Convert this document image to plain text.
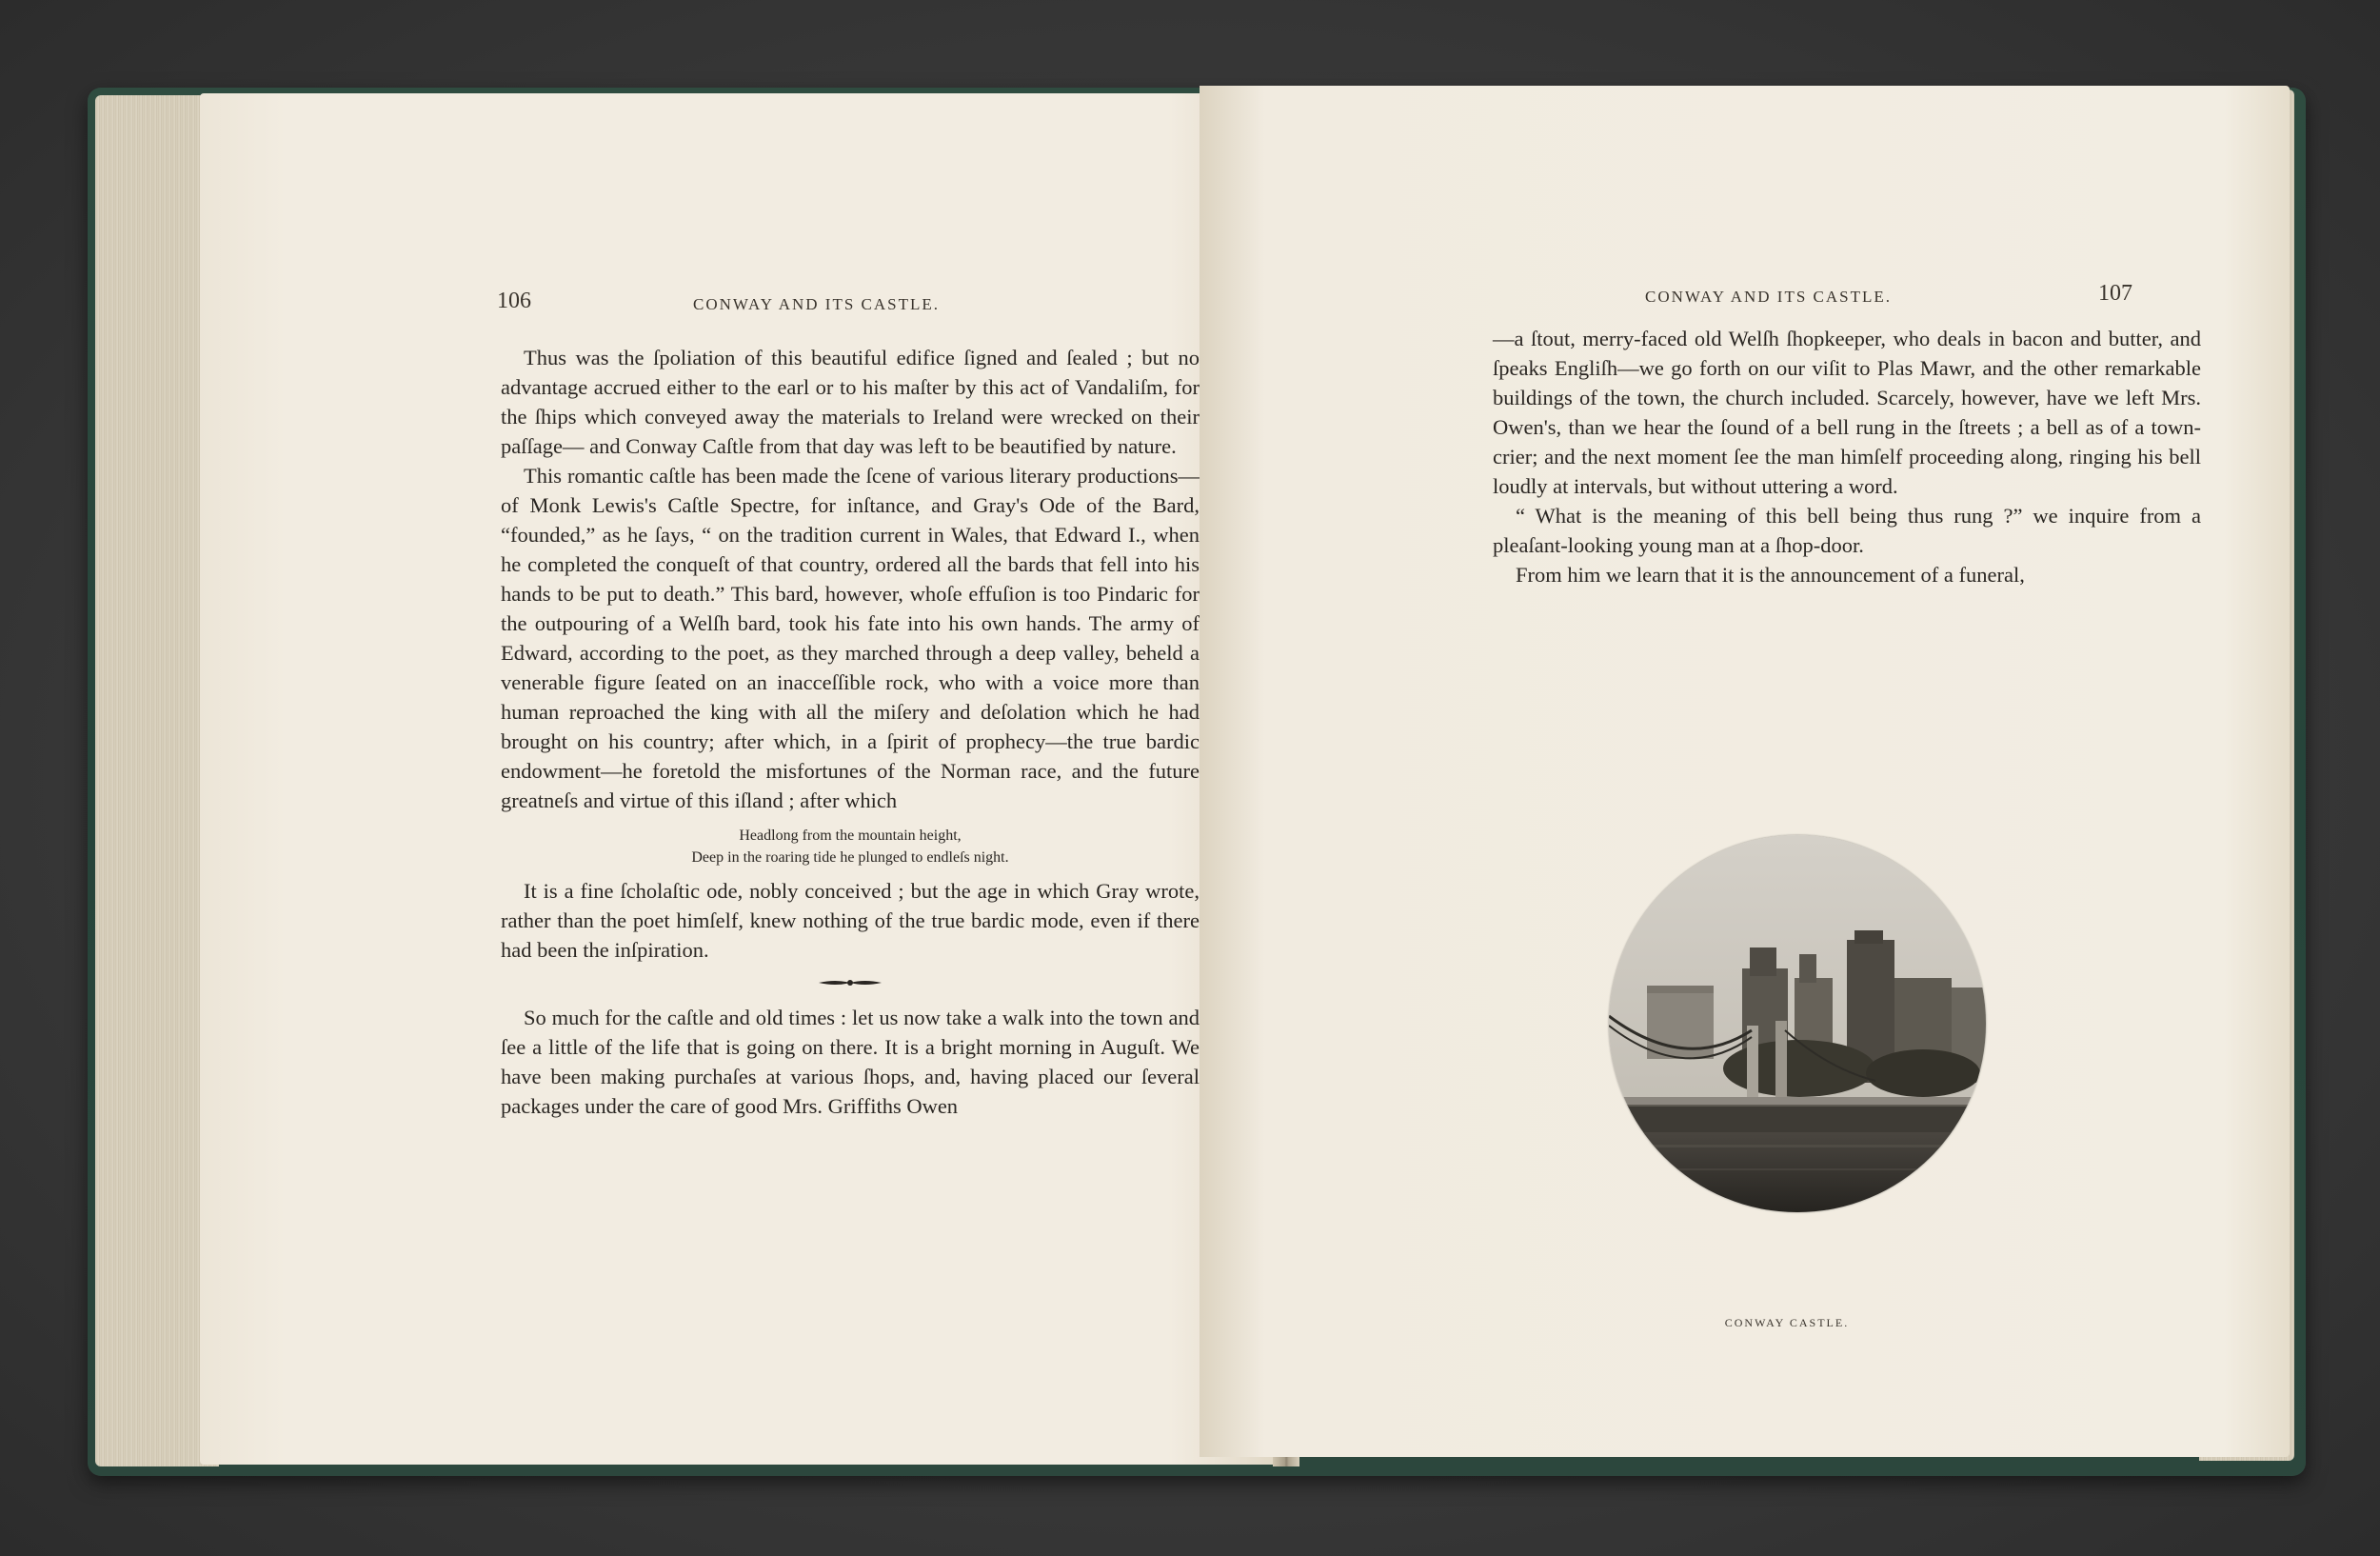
106	CONWAY AND ITS CASTLE.

Thus was the ſpoliation of this beautiful edifice ſigned and ſealed ; but no advantage accrued either to the earl or to his maſter by this act of Vandaliſm, for the ſhips which conveyed away the materials to Ireland were wrecked on their paſſage— and Conway Caſtle from that day was left to be beautified by nature.

This romantic caſtle has been made the ſcene of various literary productions—of Monk Lewis's Caſtle Spectre, for inſtance, and Gray's Ode of the Bard, “founded,” as he ſays, “ on the tradition current in Wales, that Edward I., when he completed the conqueſt of that country, ordered all the bards that fell into his hands to be put to death.” This bard, however, whoſe effuſion is too Pindaric for the outpouring of a Welſh bard, took his fate into his own hands. The army of Edward, according to the poet, as they marched through a deep valley, beheld a venerable figure ſeated on an inacceſſible rock, who with a voice more than human reproached the king with all the miſery and deſolation which he had brought on his country; after which, in a ſpirit of prophecy—the true bardic endowment—he foretold the misfortunes of the Norman race, and the future greatneſs and virtue of this iſland ; after which

Headlong from the mountain height,
Deep in the roaring tide he plunged to endleſs night.

It is a fine ſcholaſtic ode, nobly conceived ; but the age in which Gray wrote, rather than the poet himſelf, knew nothing of the true bardic mode, even if there had been the inſpiration.

So much for the caſtle and old times : let us now take a walk into the town and ſee a little of the life that is going on there. It is a bright morning in Auguſt. We have been making purchaſes at various ſhops, and, having placed our ſeveral packages under the care of good Mrs. Griffiths Owen

CONWAY AND ITS CASTLE.	107

—a ſtout, merry-faced old Welſh ſhopkeeper, who deals in bacon and butter, and ſpeaks Engliſh—we go forth on our viſit to Plas Mawr, and the other remarkable buildings of the town, the church included. Scarcely, however, have we left Mrs. Owen's, than we hear the ſound of a bell rung in the ſtreets ; a bell as of a town-crier; and the next moment ſee the man himſelf proceeding along, ringing his bell loudly at intervals, but without uttering a word.

“ What is the meaning of this bell being thus rung ?” we inquire from a pleaſant-looking young man at a ſhop-door.

From him we learn that it is the announcement of a funeral,

CONWAY CASTLE.
